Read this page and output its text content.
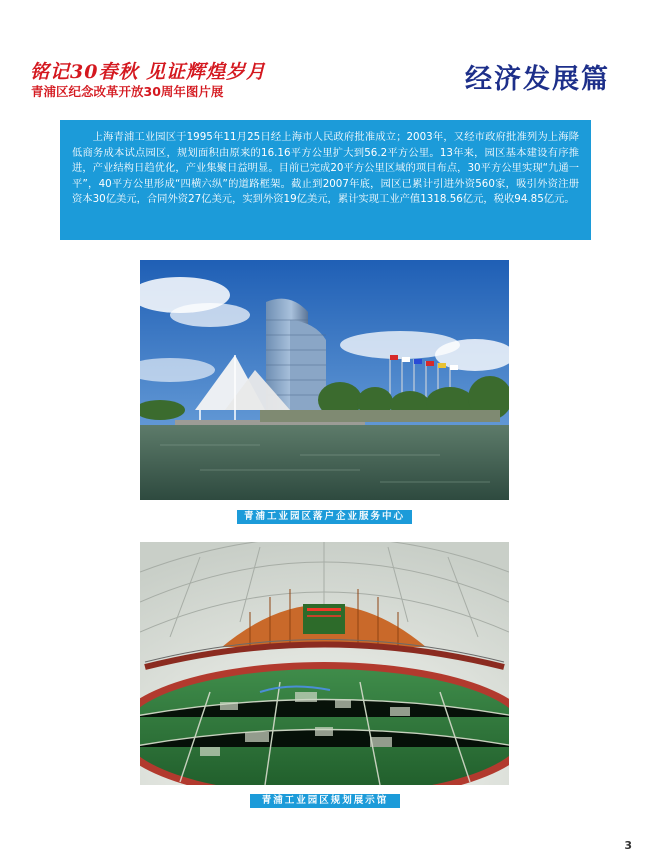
铭记30春秋 见证辉煌岁月
青浦区纪念改革开放30周年图片展	经济发展篇
上海青浦工业园区于1995年11月25日经上海市人民政府批准成立；2003年，又经市政府批准列为上海降低商务成本试点园区，规划面积由原来的16.16平方公里扩大到56.2平方公里。13年来，园区基本建设有序推进，产业结构日趋优化，产业集聚日益明显。目前已完成20平方公里区域的项目布点，30平方公里实现“九通一平”，40平方公里形成“四横六纵”的道路框架。截止到2007年底，园区已累计引进外资560家，吸引外资注册资本30亿美元，合同外资27亿美元，实到外资19亿美元，累计实现工业产值1318.56亿元，税收94.85亿元。
青浦工业园区落户企业服务中心
青浦工业园区规划展示馆
3
